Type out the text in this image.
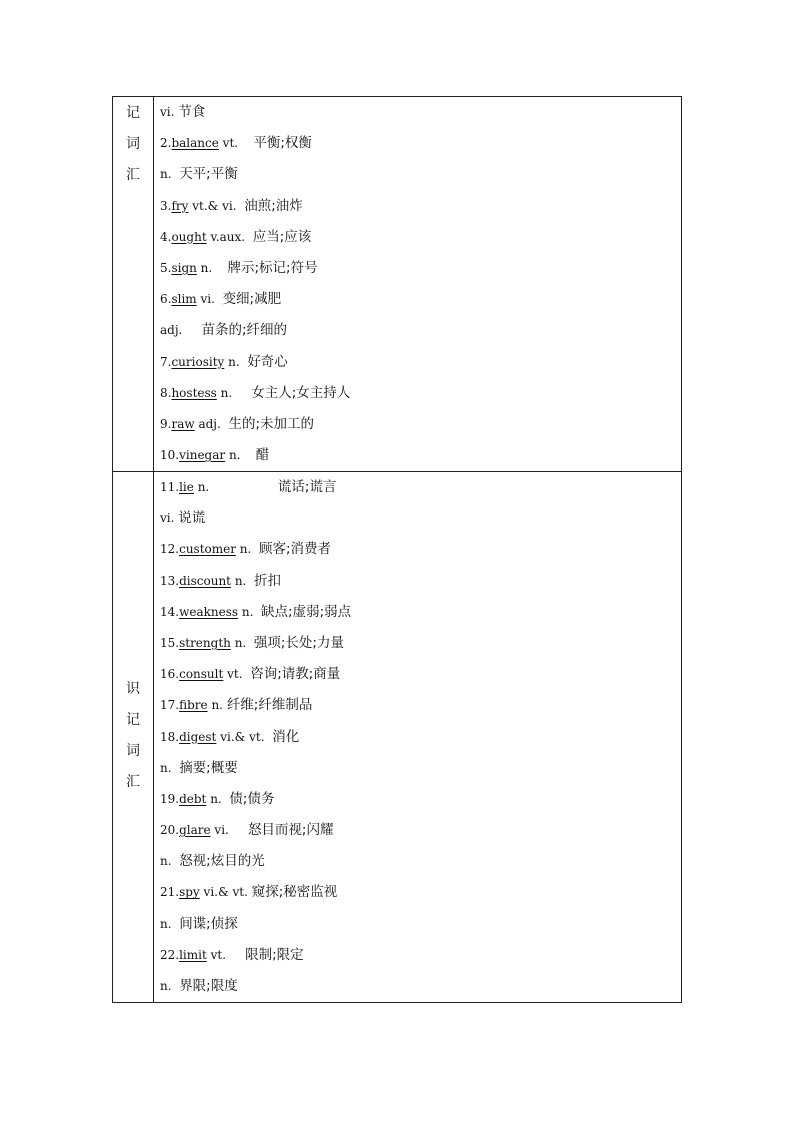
记
词
汇
vi. 节食
2.balance vt. 平衡;权衡
n. 天平;平衡
3.fry vt.& vi. 油煎;油炸
4.ought v.aux. 应当;应该
5.sign n. 牌示;标记;符号
6.slim vi. 变细;减肥
adj. 苗条的;纤细的
7.curiosity n. 好奇心
8.hostess n. 女主人;女主持人
9.raw adj. 生的;未加工的
10.vinegar n. 醋
识
记
词
汇
11.lie n.	谎话;谎言
vi. 说谎
12.customer n. 顾客;消费者
13.discount n. 折扣
14.weakness n. 缺点;虚弱;弱点
15.strength n. 强项;长处;力量
16.consult vt. 咨询;请教;商量
17.fibre n. 纤维;纤维制品
18.digest vi.& vt. 消化
n. 摘要;概要
19.debt n. 债;债务
20.glare vi. 怒目而视;闪耀
n. 怒视;炫目的光
21.spy vi.& vt. 窥探;秘密监视
n. 间谍;侦探
22.limit vt. 限制;限定
n. 界限;限度
